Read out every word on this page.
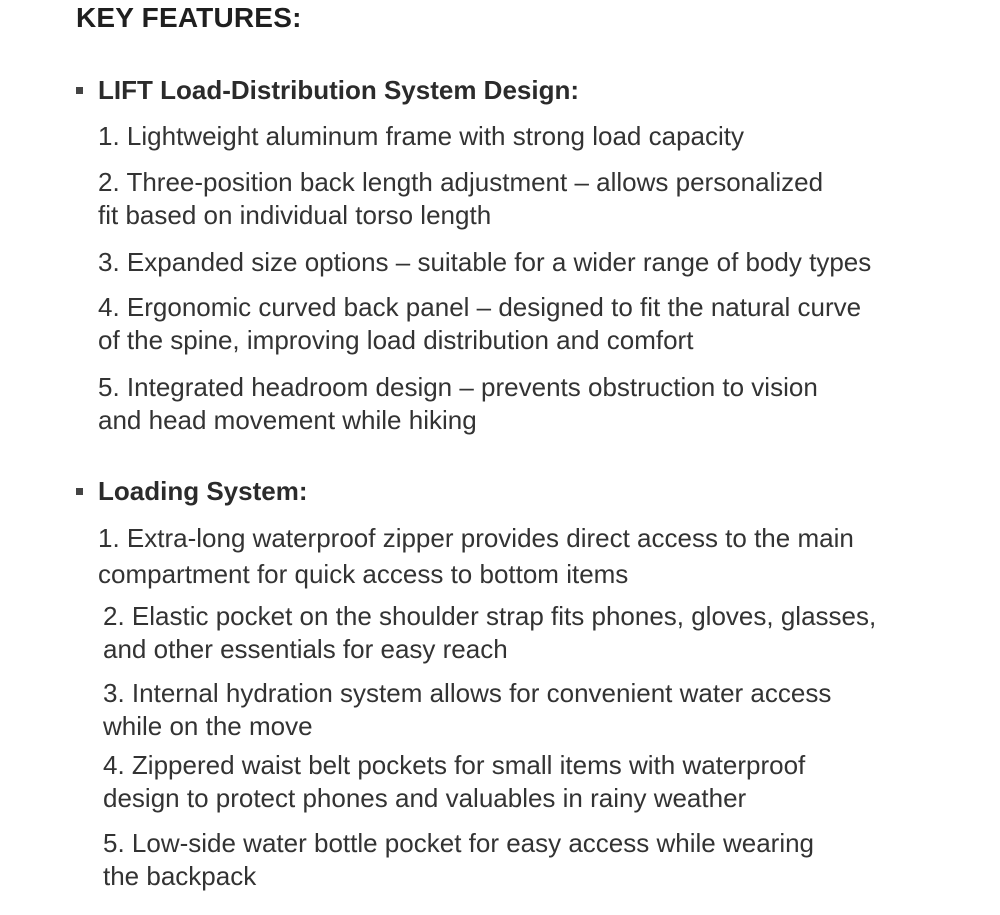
KEY FEATURES:
LIFT Load-Distribution System Design:
1. Lightweight aluminum frame with strong load capacity
2. Three-position back length adjustment – allows personalized
fit based on individual torso length
3. Expanded size options – suitable for a wider range of body types
4. Ergonomic curved back panel – designed to fit the natural curve
of the spine, improving load distribution and comfort
5. Integrated headroom design – prevents obstruction to vision
and head movement while hiking
Loading System:
1. Extra-long waterproof zipper provides direct access to the main
compartment for quick access to bottom items
2. Elastic pocket on the shoulder strap fits phones, gloves, glasses,
and other essentials for easy reach
3. Internal hydration system allows for convenient water access
while on the move
4. Zippered waist belt pockets for small items with waterproof
design to protect phones and valuables in rainy weather
5. Low-side water bottle pocket for easy access while wearing
the backpack
